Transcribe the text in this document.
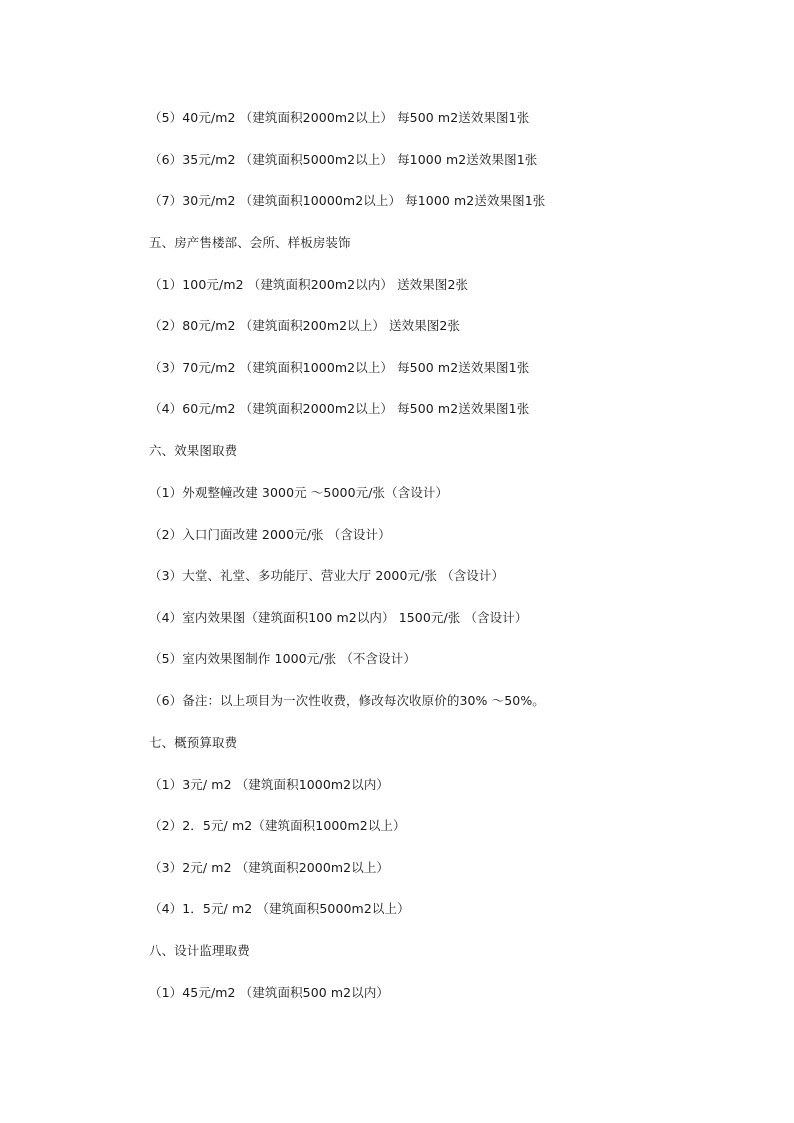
（5）40元/m2 （建筑面积2000m2以上） 每500 m2送效果图1张
（6）35元/m2 （建筑面积5000m2以上） 每1000 m2送效果图1张
（7）30元/m2 （建筑面积10000m2以上） 每1000 m2送效果图1张
五、房产售楼部、会所、样板房装饰
（1）100元/m2 （建筑面积200m2以内） 送效果图2张
（2）80元/m2 （建筑面积200m2以上） 送效果图2张
（3）70元/m2 （建筑面积1000m2以上） 每500 m2送效果图1张
（4）60元/m2 （建筑面积2000m2以上） 每500 m2送效果图1张
六、效果图取费
（1）外观整幢改建 3000元 ～5000元/张（含设计）
（2）入口门面改建 2000元/张 （含设计）
（3）大堂、礼堂、多功能厅、营业大厅 2000元/张 （含设计）
（4）室内效果图（建筑面积100 m2以内） 1500元/张 （含设计）
（5）室内效果图制作 1000元/张 （不含设计）
（6）备注：以上项目为一次性收费，修改每次收原价的30% ～50%。
七、概预算取费
（1）3元/ m2 （建筑面积1000m2以内）
（2）2．5元/ m2（建筑面积1000m2以上）
（3）2元/ m2 （建筑面积2000m2以上）
（4）1．5元/ m2 （建筑面积5000m2以上）
八、设计监理取费
（1）45元/m2 （建筑面积500 m2以内）
